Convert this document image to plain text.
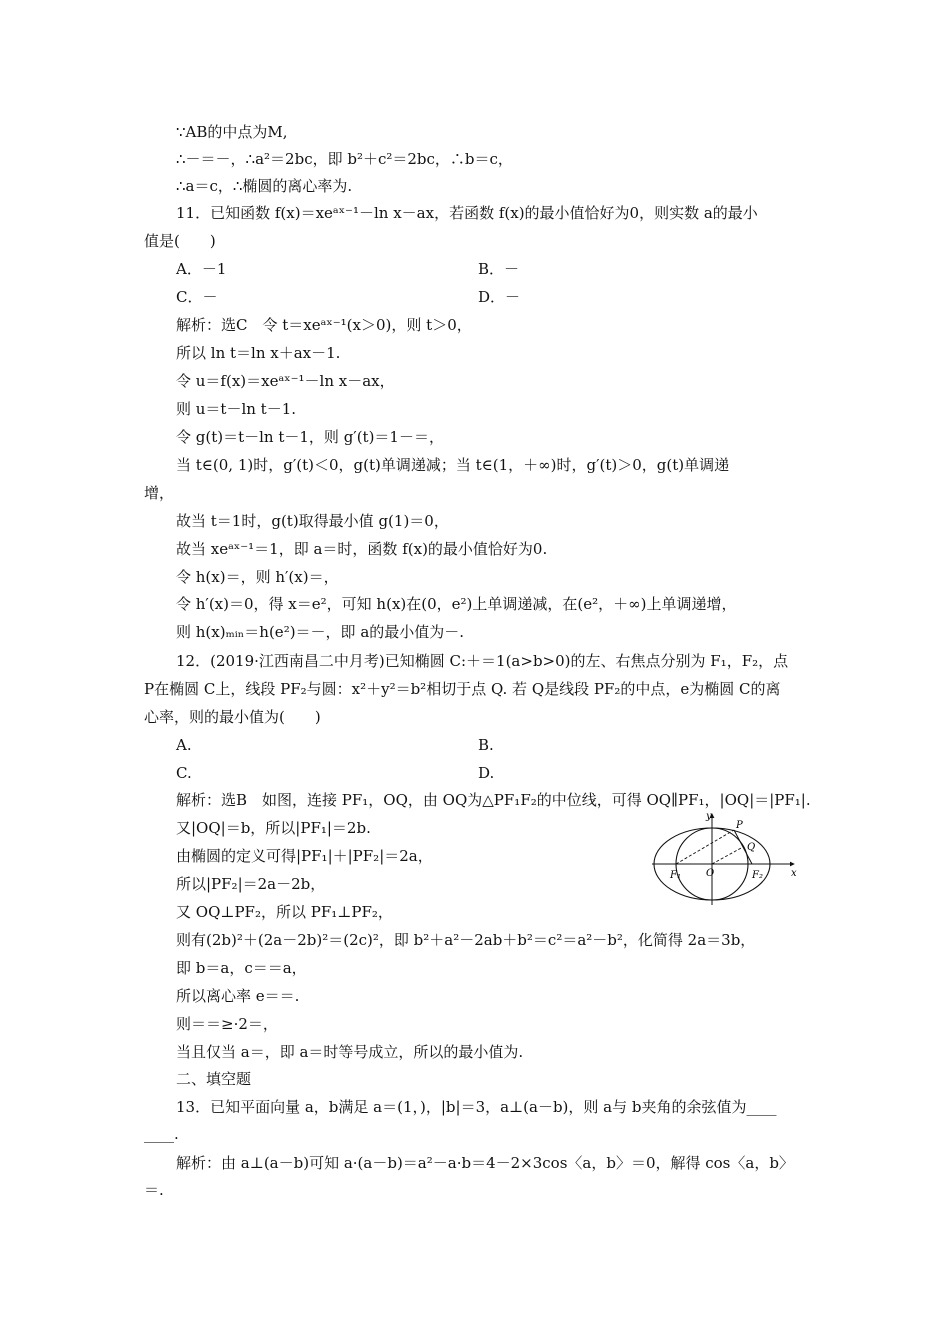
∵AB的中点为M,
∴－＝－，∴a²＝2bc，即 b²＋c²＝2bc，∴b＝c，
∴a＝c，∴椭圆的离心率为.
11．已知函数 f(x)＝xeᵃˣ⁻¹－ln x－ax，若函数 f(x)的最小值恰好为0，则实数 a的最小
值是(　　)
A．－1	B．－
C．－	D．－
解析：选C　令 t＝xeᵃˣ⁻¹(x＞0)，则 t＞0，
所以 ln t＝ln x＋ax－1.
令 u＝f(x)＝xeᵃˣ⁻¹－ln x－ax，
则 u＝t－ln t－1.
令 g(t)＝t－ln t－1，则 g′(t)＝1－＝，
当 t∈(0, 1)时，g′(t)＜0，g(t)单调递减；当 t∈(1，＋∞)时，g′(t)＞0，g(t)单调递
增，
故当 t＝1时，g(t)取得最小值 g(1)＝0，
故当 xeᵃˣ⁻¹＝1，即 a＝时，函数 f(x)的最小值恰好为0.
令 h(x)＝，则 h′(x)＝，
令 h′(x)＝0，得 x＝e²，可知 h(x)在(0，e²)上单调递减，在(e²，＋∞)上单调递增，
则 h(x)ₘᵢₙ＝h(e²)＝－，即 a的最小值为－.
12．(2019·江西南昌二中月考)已知椭圆 C:＋＝1(a>b>0)的左、右焦点分别为 F₁，F₂，点
P在椭圆 C上，线段 PF₂与圆：x²＋y²＝b²相切于点 Q. 若 Q是线段 PF₂的中点，e为椭圆 C的离
心率，则的最小值为(　　)
A.	B.
C.	D.
解析：选B　如图，连接 PF₁，OQ，由 OQ为△PF₁F₂的中位线，可得 OQ∥PF₁，|OQ|＝|PF₁|.
又|OQ|＝b，所以|PF₁|＝2b.
由椭圆的定义可得|PF₁|＋|PF₂|＝2a，
所以|PF₂|＝2a－2b，
又 OQ⊥PF₂，所以 PF₁⊥PF₂，
则有(2b)²＋(2a－2b)²＝(2c)²，即 b²＋a²－2ab＋b²＝c²＝a²－b²，化简得 2a＝3b，
即 b＝a，c＝＝a，
所以离心率 e＝＝.
则＝＝≥·2＝，
当且仅当 a＝，即 a＝时等号成立，所以的最小值为.
二、填空题
13．已知平面向量 a，b满足 a＝(1，)，|b|＝3，a⊥(a－b)，则 a与 b夹角的余弦值为____
____.
解析：由 a⊥(a－b)可知 a·(a－b)＝a²－a·b＝4－2×3cos〈a，b〉＝0，解得 cos〈a，b〉
＝.
y
x
P
Q
O
F₁	F₂
